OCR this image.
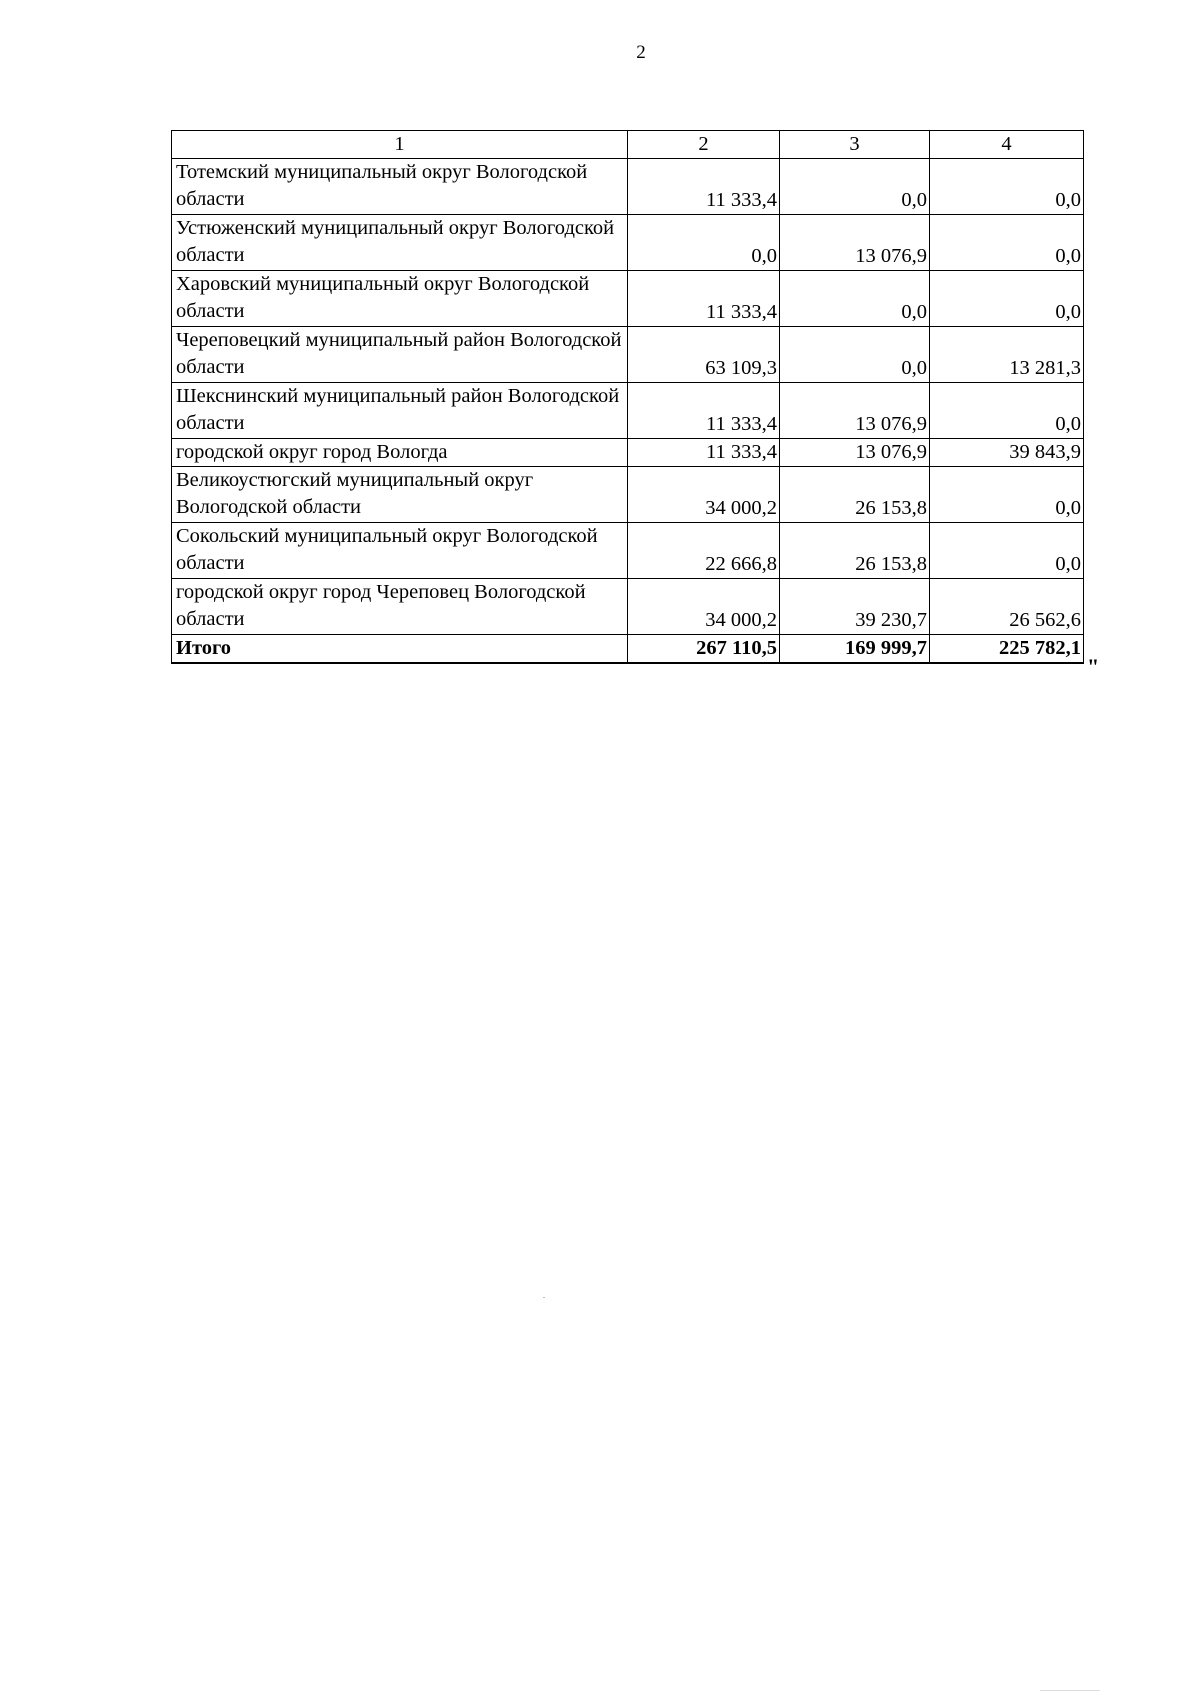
2
1	2	3	4
Тотемский муниципальный округ Вологодской области	11 333,4	0,0	0,0
Устюженский муниципальный округ Вологодской области	0,0	13 076,9	0,0
Харовский муниципальный округ Вологодской области	11 333,4	0,0	0,0
Череповецкий муниципальный район Вологодской области	63 109,3	0,0	13 281,3
Шекснинский муниципальный район Вологодской области	11 333,4	13 076,9	0,0
городской округ город Вологда	11 333,4	13 076,9	39 843,9
Великоустюгский муниципальный округ Вологодской области	34 000,2	26 153,8	0,0
Сокольский муниципальный округ Вологодской области	22 666,8	26 153,8	0,0
городской округ город Череповец Вологодской области	34 000,2	39 230,7	26 562,6
Итого	267 110,5	169 999,7	225 782,1
"
